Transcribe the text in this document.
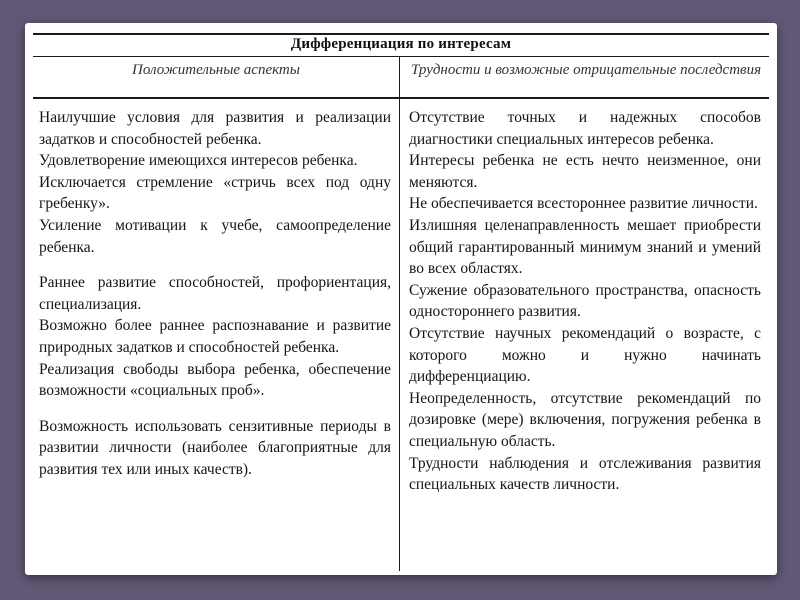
Дифференциация по интересам
Положительные аспекты	Трудности и возможные отрицательные последствия

Наилучшие условия для развития и реализации задатков и способностей ребенка.

Удовлетворение имеющихся интересов ребенка.

Исключается стремление «стричь всех под одну гребенку».

Усиление мотивации к учебе, самоопределение ребенка.

Раннее развитие способностей, профориентация, специализация.

Возможно более раннее распознавание и развитие природных задатков и способностей ребенка.

Реализация свободы выбора ребенка, обеспечение возможности «социальных проб».

Возможность использовать сензитивные периоды в развитии личности (наиболее благоприятные для развития тех или иных качеств).

Отсутствие точных и надежных способов диагностики специальных интересов ребенка.

Интересы ребенка не есть нечто неизменное, они меняются.

Не обеспечивается всестороннее развитие личности.

Излишняя целенаправленность мешает приобрести общий гарантированный минимум знаний и умений во всех областях.

Сужение образовательного пространства, опасность одностороннего развития.

Отсутствие научных рекомендаций о возрасте, с которого можно и нужно начинать дифференциацию.

Неопределенность, отсутствие рекомендаций по дозировке (мере) включения, погружения ребенка в специальную область.

Трудности наблюдения и отслеживания развития специальных качеств личности.
